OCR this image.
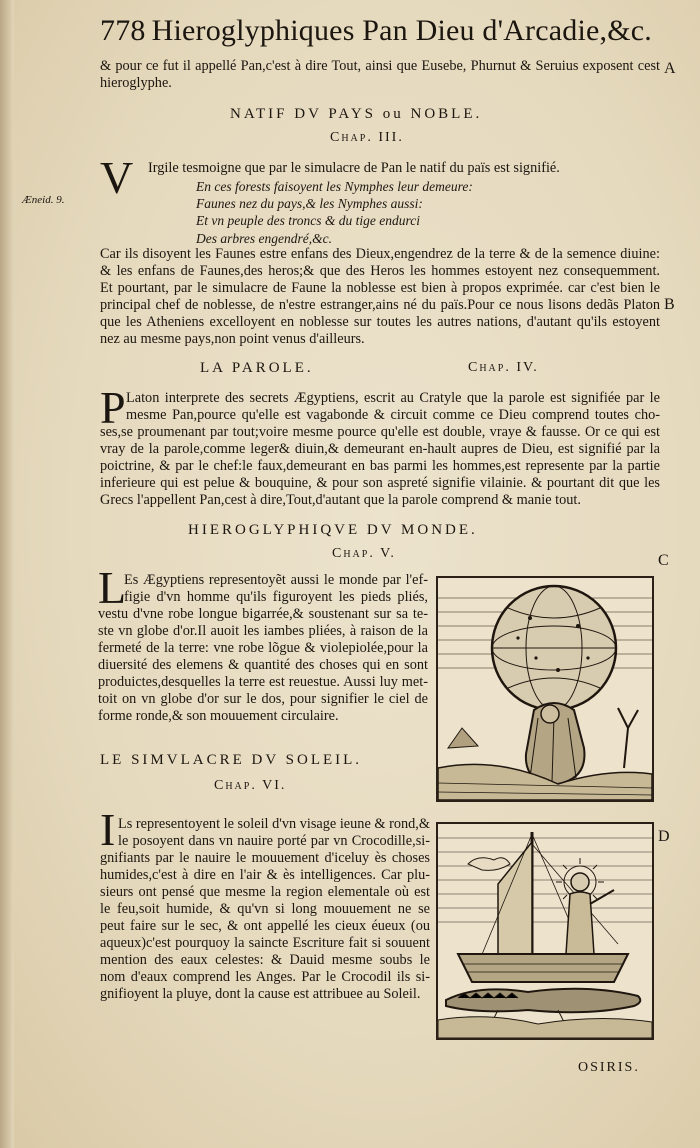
778 Hieroglyphiques Pan Dieu d'Arcadie,&c.
& pour ce fut il appellé Pan,c'est à dire Tout, ainsi que Eusebe, Phurnut & Seruius exposent cest
hieroglyphe.
A
NATIF DV PAYS ou NOBLE.
Chap. III.
V Irgile tesmoigne que par le simulacre de Pan le natif du païs est signifié.
Æneid. 9.
En ces forests faisoyent les Nymphes leur demeure:
Faunes nez du pays,& les Nymphes aussi:
Et vn peuple des troncs & du tige endurci
Des arbres engendré,&c.
Car ils disoyent les Faunes estre enfans des Dieux,engendrez de la terre & de la semence diuine:
& les enfans de Faunes,des heros;& que des Heros les hommes estoyent nez consequemment.
Et pourtant, par le simulacre de Faune la noblesse est bien à propos exprimée. car c'est bien le
principal chef de noblesse, de n'estre estranger,ains né du païs.Pour ce nous lisons dedãs Platon
que les Atheniens excelloyent en noblesse sur toutes les autres nations, d'autant qu'ils estoyent
nez au mesme pays,non point venus d'ailleurs.
B
LA PAROLE.	Chap. IV.
P Laton interprete des secrets Ægyptiens, escrit au Cratyle que la parole est signifiée par le
mesme Pan,pource qu'elle est vagabonde & circuit comme ce Dieu comprend toutes cho-
ses,se proumenant par tout;voire mesme pource qu'elle est double, vraye & fausse. Or ce qui est
vray de la parole,comme leger& diuin,& demeurant en-hault aupres de Dieu, est signifié par la
poictrine, & par le chef:le faux,demeurant en bas parmi les hommes,est represente par la partie
inferieure qui est pelue & bouquine, & pour son aspreté signifie vilainie. & pourtant dit que les
Grecs l'appellent Pan,cest à dire,Tout,d'autant que la parole comprend & manie tout.
HIEROGLYPHIQVE DV MONDE.
Chap. V.	C
L
Es Ægyptiens representoyẽt aussi le monde par l'ef-
figie d'vn homme qu'ils figuroyent les pieds pliés,
vestu d'vne robe longue bigarrée,& soustenant sur sa te-
ste vn globe d'or.Il auoit les iambes pliées, à raison de la
fermeté de la terre: vne robe lõgue & violepiolée,pour la
diuersité des elemens & quantité des choses qui en sont
produictes,desquelles la terre est reuestue. Aussi luy met-
toit on vn globe d'or sur le dos, pour signifier le ciel de
forme ronde,& son mouuement circulaire.
LE SIMVLACRE DV SOLEIL.
Chap. VI.
I Ls representoyent le soleil d'vn visage ieune & rond,&
le posoyent dans vn nauire porté par vn Crocodille,si-
gnifiants par le nauire le mouuement d'iceluy ès choses
humides,c'est à dire en l'air & ès intelligences. Car plu-
sieurs ont pensé que mesme la region elementale où est
le feu,soit humide, & qu'vn si long mouuement ne se
peut faire sur le sec, & ont appellé les cieux éueux (ou
aqueux)c'est pourquoy la saincte Escriture fait si souuent
mention des eaux celestes: & Dauid mesme soubs le
nom d'eaux comprend les Anges. Par le Crocodil ils si-
gnifioyent la pluye, dont la cause est attribuee au Soleil.
D
OSIRIS.
